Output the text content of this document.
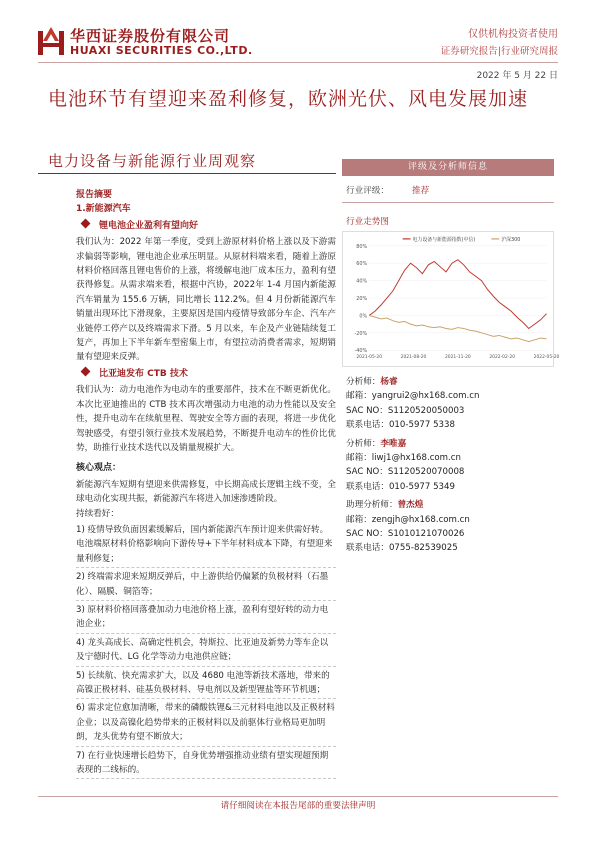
华西证券股份有限公司
HUAXI SECURITIES CO.,LTD.
仅供机构投资者使用
证券研究报告|行业研究周报
2022 年 5 月 22 日
电池环节有望迎来盈利修复，欧洲光伏、风电发展加速
电力设备与新能源行业周观察
报告摘要
1.新能源汽车
锂电池企业盈利有望向好

我们认为：2022 年第一季度，受到上游原材料价格上涨以及下游需求偏弱等影响，锂电池企业承压明显。从原材料端来看，随着上游原材料价格回落且锂电售价的上涨，将缓解电池厂成本压力，盈利有望获得修复。从需求端来看，根据中汽协，2022年 1-4 月国内新能源汽车销量为 155.6 万辆，同比增长 112.2%。但 4 月份新能源汽车销量出现环比下滑现象，主要原因是国内疫情导致部分车企、汽车产业链停工停产以及终端需求下滑。5 月以来，车企及产业链陆续复工复产，再加上下半年新车型密集上市，有望拉动消费者需求，短期销量有望迎来反弹。

比亚迪发布 CTB 技术

我们认为：动力电池作为电动车的重要部件，技术在不断更新优化。本次比亚迪推出的 CTB 技术再次增强动力电池的动力性能以及安全性，提升电动车在续航里程、驾驶安全等方面的表现，将进一步优化驾驶感受，有望引领行业技术发展趋势，不断提升电动车的性价比优势，助推行业技术迭代以及销量规模扩大。

核心观点：

新能源汽车短期有望迎来供需修复，中长期高成长逻辑主线不变，全球电动化实现共振，新能源汽车将进入加速渗透阶段。

持续看好：
1) 疫情导致负面因素缓解后，国内新能源汽车预计迎来供需好转。电池端原材料价格影响向下游传导+下半年材料成本下降，有望迎来量利修复；
2) 终端需求迎来短期反弹后，中上游供给仍偏紧的负极材料（石墨化）、隔膜、铜箔等；
3) 原材料价格回落叠加动力电池价格上涨，盈利有望好转的动力电池企业；
4) 龙头高成长、高确定性机会，特斯拉、比亚迪及新势力等车企以及宁德时代、LG 化学等动力电池供应链；
5) 长续航、快充需求扩大，以及 4680 电池等新技术落地，带来的高镍正极材料、硅基负极材料、导电剂以及新型锂盐等环节机遇；
6) 需求定位愈加清晰，带来的磷酸铁锂&三元材料电池以及正极材料企业；以及高镍化趋势带来的正极材料以及前驱体行业格局更加明朗，龙头优势有望不断放大；
7) 在行业快速增长趋势下，自身优势增强推动业绩有望实现超预期表现的二线标的。
评级及分析师信息
行业评级：	推荐
行业走势图
-40%
-20%
0%
20%
40%
60%
80%
2021-05-20	2021-08-20	2021-11-20	2022-02-20	2022-05-20
电力设备与新能源指数(中信)	沪深300
分析师：杨睿
邮箱：yangrui2@hx168.com.cn
SAC NO：S1120520050003
联系电话：010-5977 5338
分析师：李唯嘉
邮箱：liwj1@hx168.com.cn
SAC NO：S1120520070008
联系电话：010-5977 5349
助理分析师：曾杰煌
邮箱：zengjh@hx168.com.cn
SAC NO：S1010121070026
联系电话：0755-82539025
请仔细阅读在本报告尾部的重要法律声明
